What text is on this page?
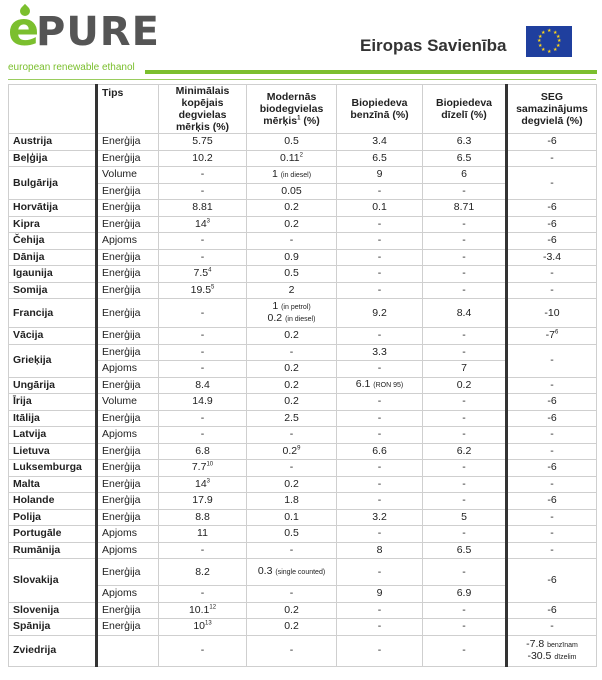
e
PURE
european renewable ethanol
Eiropas Savienība
★ ★
★
★
★
★
★
★
★
★
★
★
	Tips	Minimālais kopējais degvielas mērķis (%)	Modernās biodegvielas mērķis$^1$ (%)	Biopiedeva benzīnā (%)	Biopiedeva dīzelī (%)	SEG samazinājums degvielā (%)
Austrija	Enerģija	5.75	0.5	3.4	6.3	-6
Beļģija	Enerģija	10.2	0.11$^2$	6.5	6.5	-
Bulgārija	Volume	-	1 (in diesel)	9	6	-
	Enerģija	-	0.05	-	-	
Horvātija	Enerģija	8.81	0.2	0.1	8.71	-6
Kipra	Enerģija	$14^3$	0.2	-	-	-6
Čehija	Apjoms	-	-	-	-	-6
Dānija	Enerģija	-	0.9	-	-	-3.4
Igaunija	Enerģija	$7.5^4$	0.5	-	-	-
Somija	Enerģija	19.5$^5$	2	-	-	-
Francija	Enerģija	-	1 (in petrol)
0.2 (in diesel)	9.2	8.4	-10
Vācija	Enerģija	-	0.2	-	-	$-7^6$
Grieķija	Enerģija	-	-	3.3	-	-
	Apjoms	-	0.2	-	7	
Ungārija	Enerģija	8.4	0.2	6.1 (RON 95)	0.2	-
Īrija	Volume	14.9	0.2	-	-	-6
Itālija	Enerģija	-	2.5	-	-	-6
Latvija	Apjoms	-	-	-	-	-
Lietuva	Enerģija	6.8	$0.2^9$	6.6	6.2	-
Luksemburga	Enerģija	$7.7^{10}$	-	-	-	-6
Malta	Enerģija	$14^3$	0.2	-	-	-
Holande	Enerģija	17.9	1.8	-	-	-6
Polija	Enerģija	8.8	0.1	3.2	5	-
Portugāle	Apjoms	11	0.5	-	-	-
Rumānija	Apjoms	-	-	8	6.5	-
Slovakija	Enerģija	8.2	0.3 (single counted)	-	-	-6
	Apjoms	-	-	9	6.9	
Slovenija	Enerģija	10.1$^{12}$	0.2	-	-	-6
Spānija	Enerģija	$10^{13}$	0.2	-	-	-
Zviedrija		-	-	-	-	-7.8 benzīnam
-30.5 dīzelim
